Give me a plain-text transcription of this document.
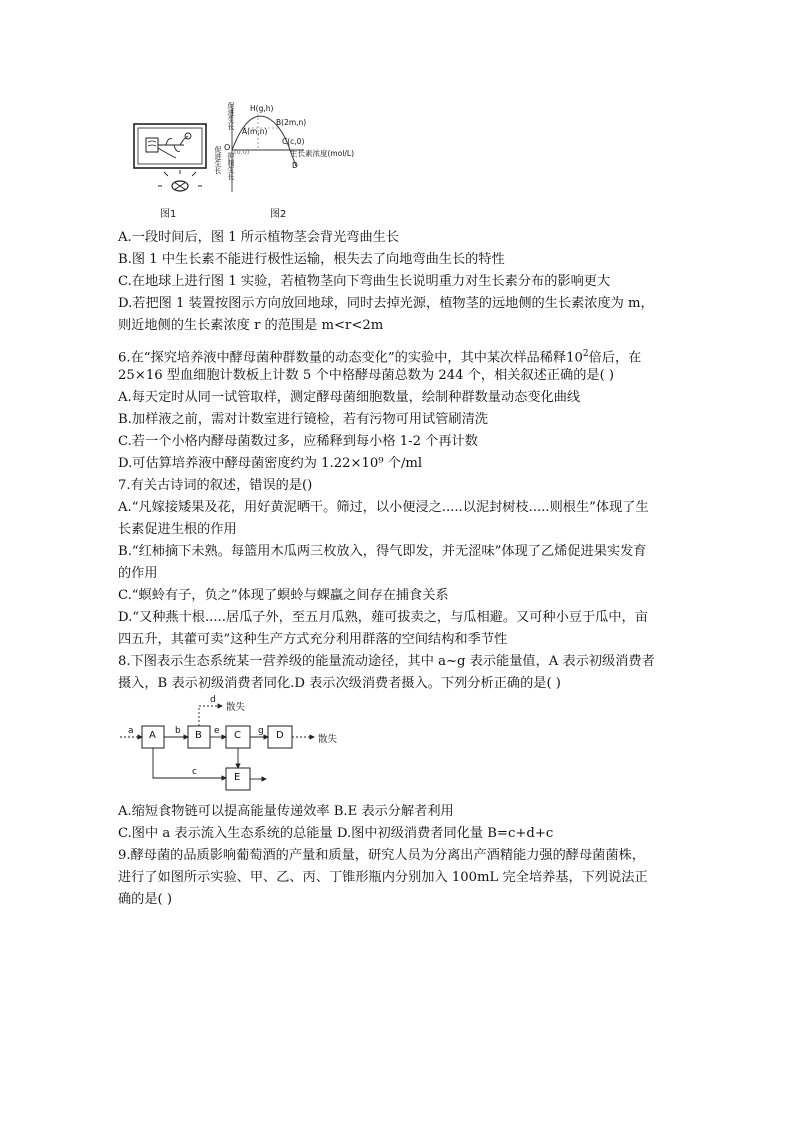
图1
促进生长
促进生长
抑制生长
O (0,0)
H(g,h)
A(m,n)
B(2m,n)
C(c,0)
生长素浓度(mol/L)
D
图2
A.一段时间后，图 1 所示植物茎会背光弯曲生长
B.图 1 中生长素不能进行极性运输，根失去了向地弯曲生长的特性
C.在地球上进行图 1 实验，若植物茎向下弯曲生长说明重力对生长素分布的影响更大
D.若把图 1 装置按图示方向放回地球，同时去掉光源，植物茎的远地侧的生长素浓度为 m，
则近地侧的生长素浓度 r 的范围是 m<r<2m
6.在“探究培养液中酵母菌种群数量的动态变化”的实验中，其中某次样品稀释$10^2$倍后，在
25×16 型血细胞计数板上计数 5 个中格酵母菌总数为 244 个，相关叙述正确的是( )
A.每天定时从同一试管取样，测定酵母菌细胞数量，绘制种群数量动态变化曲线
B.加样液之前，需对计数室进行镜检，若有污物可用试管刷清洗
C.若一个小格内酵母菌数过多，应稀释到每小格 1-2 个再计数
D.可估算培养液中酵母菌密度约为 1.22×10⁹ 个/ml
7.有关古诗词的叙述，错误的是()
A.“凡嫁接矮果及花，用好黄泥晒干。筛过，以小便浸之.....以泥封树枝.....则根生”体现了生
长素促进生根的作用
B.“红柿摘下未熟。每篮用木瓜两三枚放入，得气即发，并无涩味”体现了乙烯促进果实发育
的作用
C.“螟蛉有子，负之”体现了螟蛉与蜾蠃之间存在捕食关系
D.“又种燕十根.....居瓜子外，至五月瓜熟，薤可拔卖之，与瓜相避。又可种小豆于瓜中，亩
四五升，其藿可卖”这种生产方式充分利用群落的空间结构和季节性
8.下图表示生态系统某一营养级的能量流动途径，其中 a~g 表示能量值，A 表示初级消费者
摄入，B 表示初级消费者同化.D 表示次级消费者摄入。下列分析正确的是( )
A	B	C	D
E
a	b
c
d
e	g
散失
散失
A.缩短食物链可以提高能量传递效率 B.E 表示分解者利用
C.图中 a 表示流入生态系统的总能量 D.图中初级消费者同化量 B=c+d+c
9.酵母菌的品质影响葡萄酒的产量和质量，研究人员为分离出产酒精能力强的酵母菌菌株，
进行了如图所示实验、甲、乙、丙、丁锥形瓶内分别加入 100mL 完全培养基，下列说法正
确的是( )
